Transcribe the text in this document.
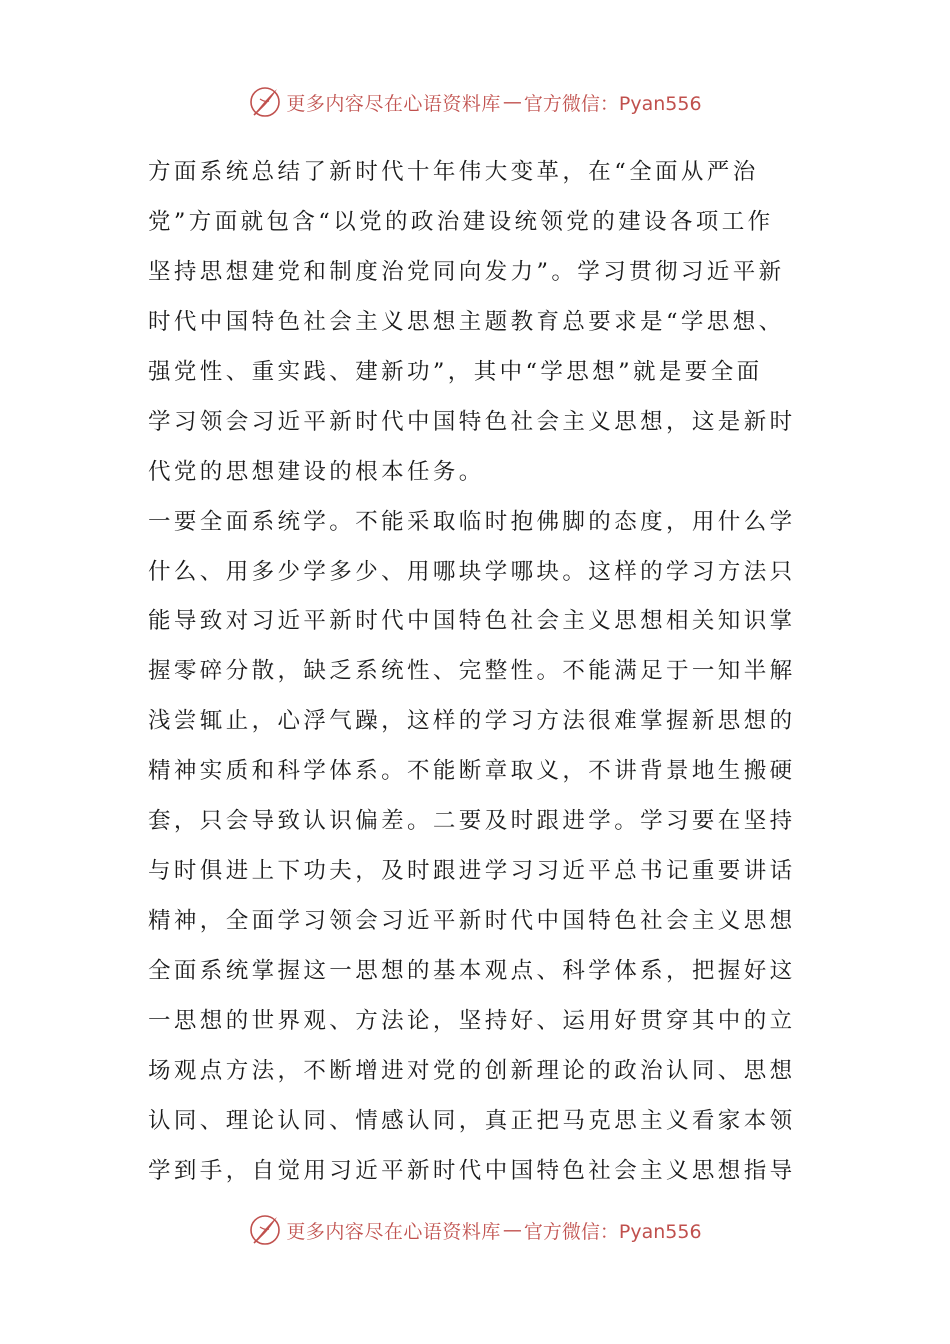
更多内容尽在心语资料库 — 官方微信：Pyan556
方面系统总结了新时代十年伟大变革，在“全面从严治
党”方面就包含“以党的政治建设统领党的建设各项工作
坚持思想建党和制度治党同向发力”。学习贯彻习近平新
时代中国特色社会主义思想主题教育总要求是“学思想、
强党性、重实践、建新功”，其中“学思想”就是要全面
学习领会习近平新时代中国特色社会主义思想，这是新时
代党的思想建设的根本任务。
一要全面系统学。不能采取临时抱佛脚的态度，用什么学
什么、用多少学多少、用哪块学哪块。这样的学习方法只
能导致对习近平新时代中国特色社会主义思想相关知识掌
握零碎分散，缺乏系统性、完整性。不能满足于一知半解
浅尝辄止，心浮气躁，这样的学习方法很难掌握新思想的
精神实质和科学体系。不能断章取义，不讲背景地生搬硬
套，只会导致认识偏差。二要及时跟进学。学习要在坚持
与时俱进上下功夫，及时跟进学习习近平总书记重要讲话
精神，全面学习领会习近平新时代中国特色社会主义思想
全面系统掌握这一思想的基本观点、科学体系，把握好这
一思想的世界观、方法论，坚持好、运用好贯穿其中的立
场观点方法，不断增进对党的创新理论的政治认同、思想
认同、理论认同、情感认同，真正把马克思主义看家本领
学到手，自觉用习近平新时代中国特色社会主义思想指导
更多内容尽在心语资料库 — 官方微信：Pyan556
